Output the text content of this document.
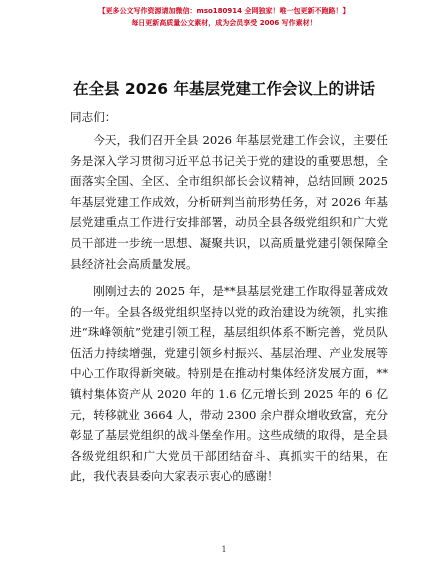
【更多公文写作资源请加微信：mso180914 全网独家！唯一包更新不跑路！】
每日更新高质量公文素材，成为会员享受 2006 写作素材！
在全县 2026 年基层党建工作会议上的讲话
同志们：

今天，我们召开全县 2026 年基层党建工作会议，主要任务是深入学习贯彻习近平总书记关于党的建设的重要思想，全面落实全国、全区、全市组织部长会议精神，总结回顾 2025 年基层党建工作成效，分析研判当前形势任务，对 2026 年基层党建重点工作进行安排部署，动员全县各级党组织和广大党员干部进一步统一思想、凝聚共识，以高质量党建引领保障全县经济社会高质量发展。

刚刚过去的 2025 年，是**县基层党建工作取得显著成效的一年。全县各级党组织坚持以党的政治建设为统领，扎实推进“珠峰领航”党建引领工程，基层组织体系不断完善，党员队伍活力持续增强，党建引领乡村振兴、基层治理、产业发展等中心工作取得新突破。特别是在推动村集体经济发展方面，**镇村集体资产从 2020 年的 1.6 亿元增长到 2025 年的 6 亿元，转移就业 3664 人，带动 2300 余户群众增收致富，充分彰显了基层党组织的战斗堡垒作用。这些成绩的取得，是全县各级党组织和广大党员干部团结奋斗、真抓实干的结果，在此，我代表县委向大家表示衷心的感谢！

1
